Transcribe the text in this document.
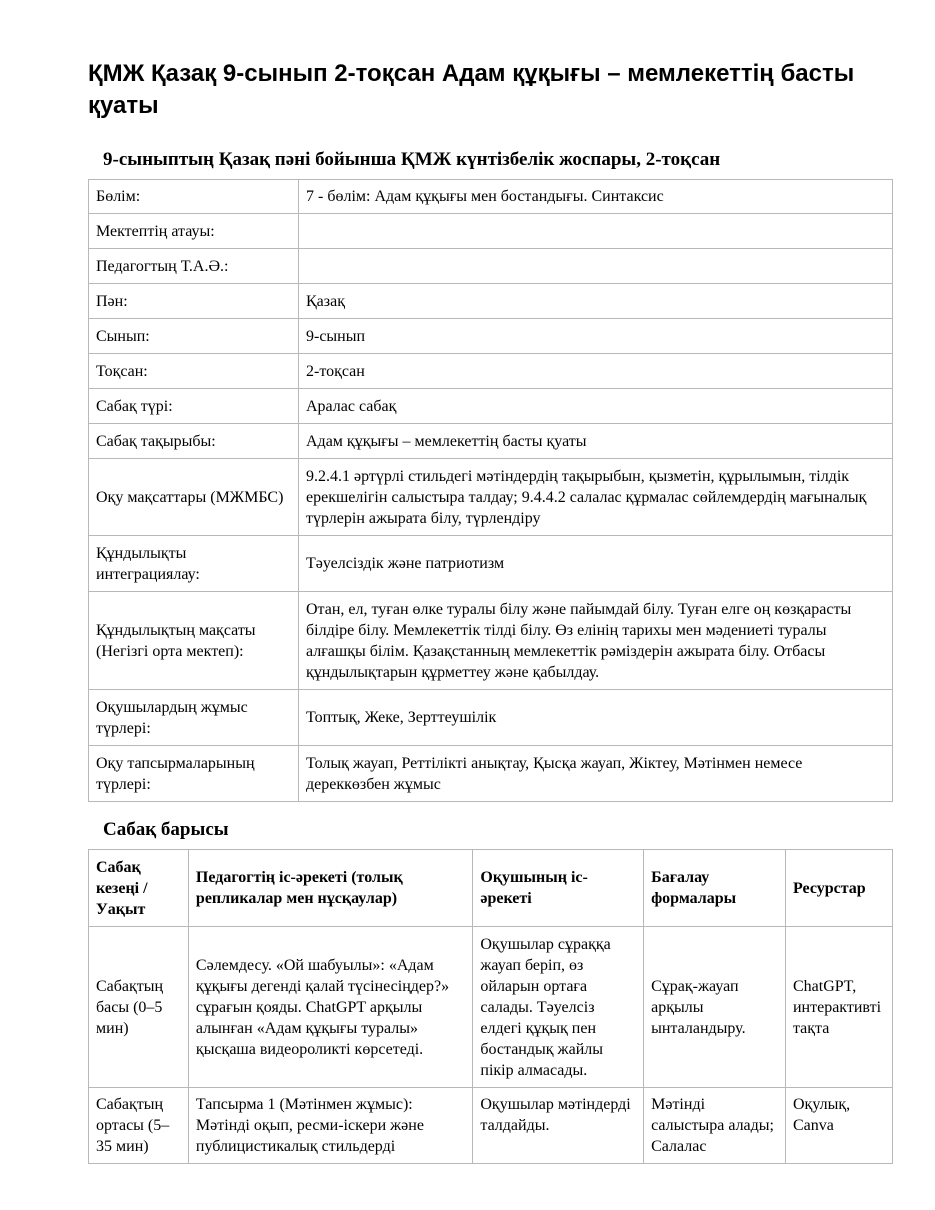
ҚМЖ Қазақ 9-сынып 2-тоқсан Адам құқығы – мемлекеттің басты қуаты
9-сыныптың Қазақ пәні бойынша ҚМЖ күнтізбелік жоспары, 2-тоқсан
Бөлім:	7 - бөлім: Адам құқығы мен бостандығы. Синтаксис
Мектептің атауы:	
Педагогтың Т.А.Ә.:	
Пән:	Қазақ
Сынып:	9-сынып
Тоқсан:	2-тоқсан
Сабақ түрі:	Аралас сабақ
Сабақ тақырыбы:	Адам құқығы – мемлекеттің басты қуаты
Оқу мақсаттары (МЖМБС)	9.2.4.1 әртүрлі стильдегі мәтіндердің тақырыбын, қызметін, құрылымын, тілдік ерекшелігін салыстыра талдау; 9.4.4.2 салалас құрмалас сөйлемдердің мағыналық түрлерін ажырата білу, түрлендіру
Құндылықты интеграциялау:	Тәуелсіздік және патриотизм
Құндылықтың мақсаты (Негізгі орта мектеп):	Отан, ел, туған өлке туралы білу және пайымдай білу. Туған елге оң көзқарасты білдіре білу. Мемлекеттік тілді білу. Өз елінің тарихы мен мәдениеті туралы алғашқы білім. Қазақстанның мемлекеттік рәміздерін ажырата білу. Отбасы құндылықтарын құрметтеу және қабылдау.
Оқушылардың жұмыс түрлері:	Топтық, Жеке, Зерттеушілік
Оқу тапсырмаларының түрлері:	Толық жауап, Реттілікті анықтау, Қысқа жауап, Жіктеу, Мәтінмен немесе дереккөзбен жұмыс
Сабақ барысы
Сабақ кезеңі / Уақыт	Педагогтің іс-әрекеті (толық репликалар мен нұсқаулар)	Оқушының іс-әрекеті	Бағалау формалары	Ресурстар
Сабақтың басы (0–5 мин)	Сәлемдесу. «Ой шабуылы»: «Адам құқығы дегенді қалай түсінесіңдер?» сұрағын қояды. ChatGPT арқылы алынған «Адам құқығы туралы» қысқаша видеороликті көрсетеді.	Оқушылар сұраққа жауап беріп, өз ойларын ортаға салады. Тәуелсіз елдегі құқық пен бостандық жайлы пікір алмасады.	Сұрақ-жауап арқылы ынталандыру.	ChatGPT, интерактивті тақта
Сабақтың ортасы (5–35 мин)	Тапсырма 1 (Мәтінмен жұмыс): Мәтінді оқып, ресми-іскери және публицистикалық стильдерді	Оқушылар мәтіндерді талдайды.	Мәтінді салыстыра алады; Салалас	Оқулық, Canva
